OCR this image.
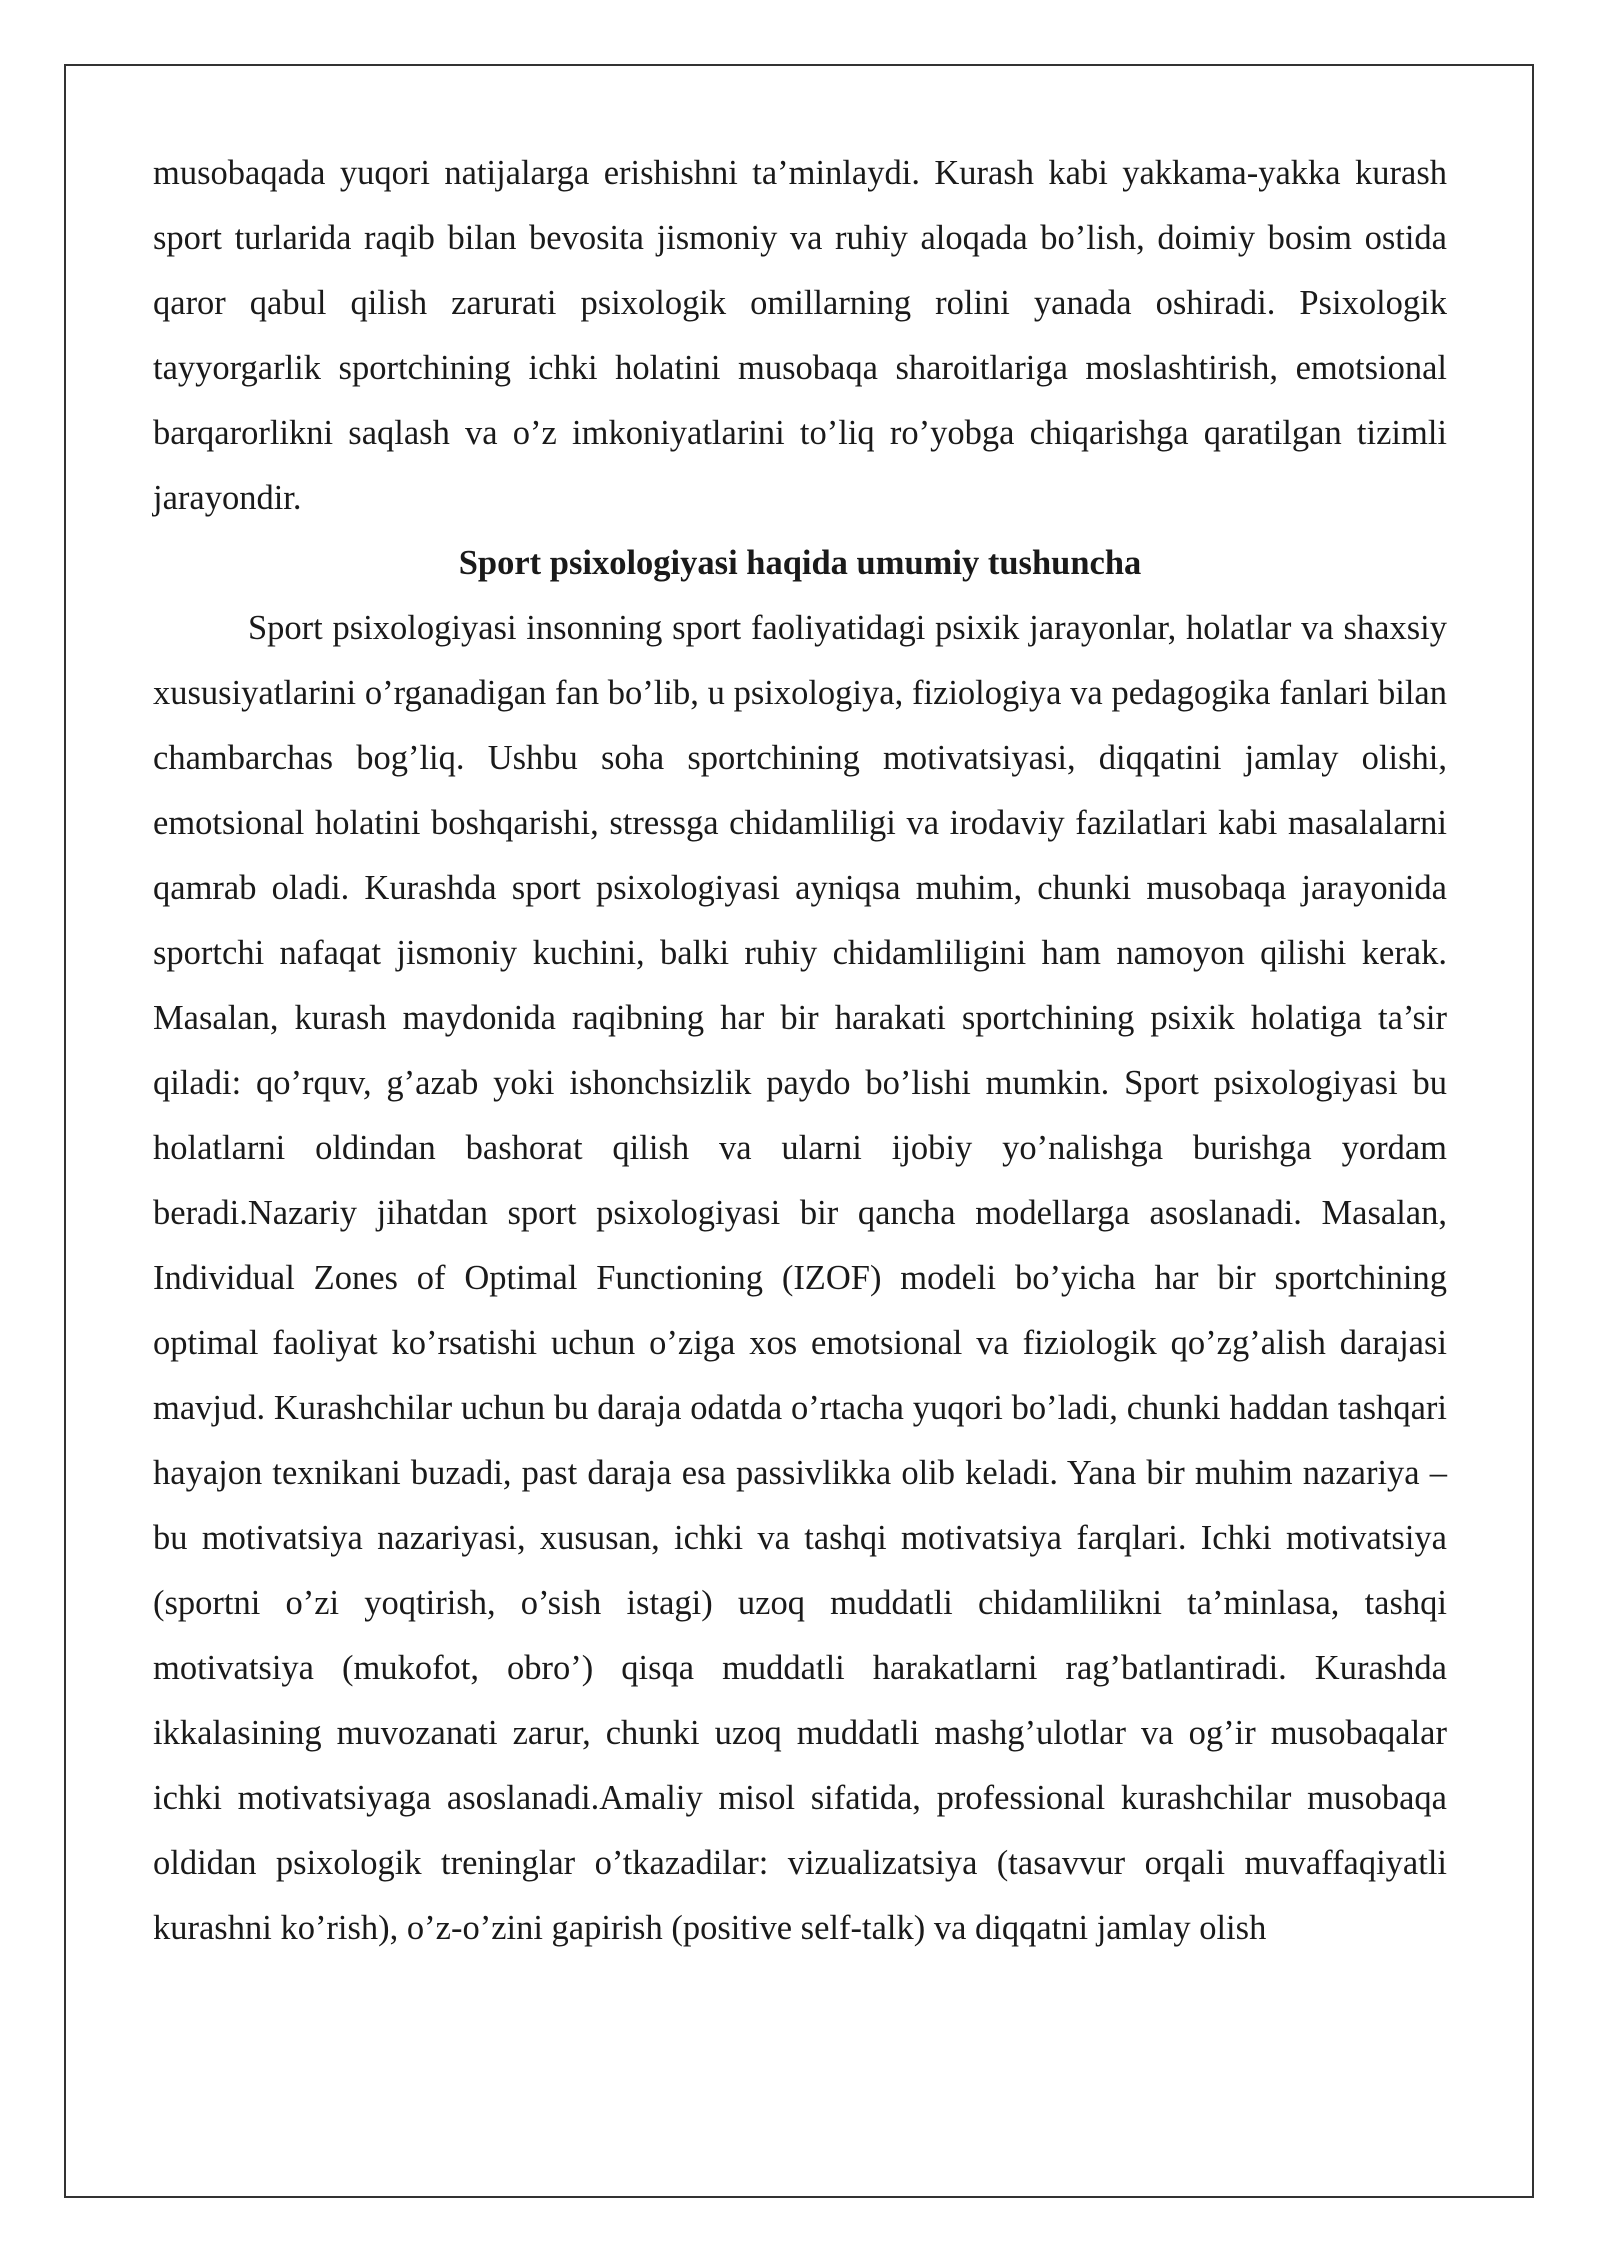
musobaqada yuqori natijalarga erishishni ta’minlaydi. Kurash kabi yakkama-yakka kurash sport turlarida raqib bilan bevosita jismoniy va ruhiy aloqada bo’lish, doimiy bosim ostida qaror qabul qilish zarurati psixologik omillarning rolini yanada oshiradi. Psixologik tayyorgarlik sportchining ichki holatini musobaqa sharoitlariga moslashtirish, emotsional barqarorlikni saqlash va o’z imkoniyatlarini to’liq ro’yobga chiqarishga qaratilgan tizimli jarayondir.

Sport psixologiyasi haqida umumiy tushuncha

Sport psixologiyasi insonning sport faoliyatidagi psixik jarayonlar, holatlar va shaxsiy xususiyatlarini o’rganadigan fan bo’lib, u psixologiya, fiziologiya va pedagogika fanlari bilan chambarchas bog’liq. Ushbu soha sportchining motivatsiyasi, diqqatini jamlay olishi, emotsional holatini boshqarishi, stressga chidamliligi va irodaviy fazilatlari kabi masalalarni qamrab oladi. Kurashda sport psixologiyasi ayniqsa muhim, chunki musobaqa jarayonida sportchi nafaqat jismoniy kuchini, balki ruhiy chidamliligini ham namoyon qilishi kerak. Masalan, kurash maydonida raqibning har bir harakati sportchining psixik holatiga ta’sir qiladi: qo’rquv, g’azab yoki ishonchsizlik paydo bo’lishi mumkin. Sport psixologiyasi bu holatlarni oldindan bashorat qilish va ularni ijobiy yo’nalishga burishga yordam beradi.Nazariy jihatdan sport psixologiyasi bir qancha modellarga asoslanadi. Masalan, Individual Zones of Optimal Functioning (IZOF) modeli bo’yicha har bir sportchining optimal faoliyat ko’rsatishi uchun o’ziga xos emotsional va fiziologik qo’zg’alish darajasi mavjud. Kurashchilar uchun bu daraja odatda o’rtacha yuqori bo’ladi, chunki haddan tashqari hayajon texnikani buzadi, past daraja esa passivlikka olib keladi. Yana bir muhim nazariya – bu motivatsiya nazariyasi, xususan, ichki va tashqi motivatsiya farqlari. Ichki motivatsiya (sportni o’zi yoqtirish, o’sish istagi) uzoq muddatli chidamlilikni ta’minlasa, tashqi motivatsiya (mukofot, obro’) qisqa muddatli harakatlarni rag’batlantiradi. Kurashda ikkalasining muvozanati zarur, chunki uzoq muddatli mashg’ulotlar va og’ir musobaqalar ichki motivatsiyaga asoslanadi.Amaliy misol sifatida, professional kurashchilar musobaqa oldidan psixologik treninglar o’tkazadilar: vizualizatsiya (tasavvur orqali muvaffaqiyatli kurashni ko’rish), o’z-o’zini gapirish (positive self-talk) va diqqatni jamlay olish
